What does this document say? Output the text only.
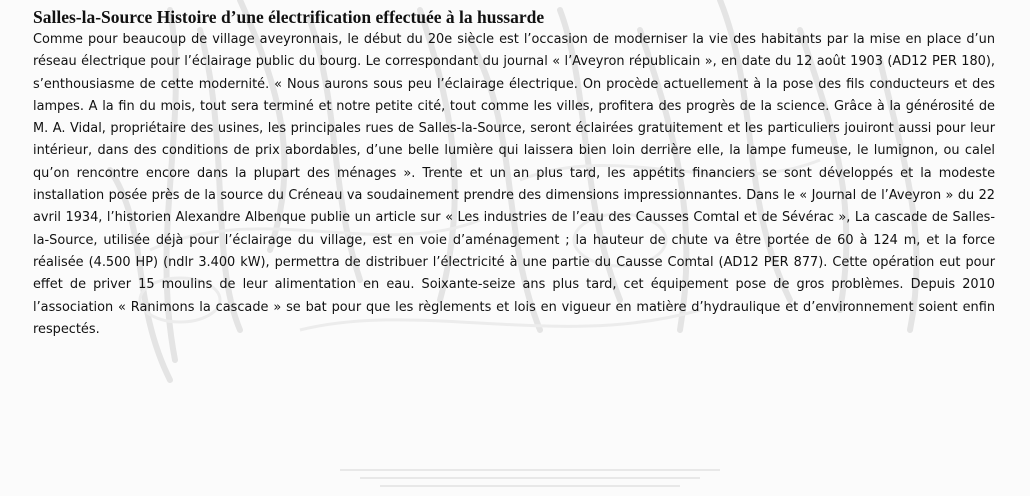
Salles-la-Source Histoire d’une électrification effectuée à la hussarde

Comme pour beaucoup de village aveyronnais, le début du 20e siècle est l’occasion de moderniser la vie des habitants par la mise en place d’un réseau électrique pour l’éclairage public du bourg. Le correspondant du journal « l’Aveyron républicain », en date du 12 août 1903 (AD12 PER 180), s’enthousiasme de cette modernité. « Nous aurons sous peu l’éclairage électrique. On procède actuellement à la pose des fils conducteurs et des lampes. A la fin du mois, tout sera terminé et notre petite cité, tout comme les villes, profitera des progrès de la science. Grâce à la générosité de M. A. Vidal, propriétaire des usines, les principales rues de Salles-la-Source, seront éclairées gratuitement et les particuliers jouiront aussi pour leur intérieur, dans des conditions de prix abordables, d’une belle lumière qui laissera bien loin derrière elle, la lampe fumeuse, le lumignon, ou calel qu’on rencontre encore dans la plupart des ménages ». Trente et un an plus tard, les appétits financiers se sont développés et la modeste installation posée près de la source du Créneau va soudainement prendre des dimensions impressionnantes. Dans le « Journal de l’Aveyron » du 22 avril 1934, l’historien Alexandre Albenque publie un article sur « Les industries de l’eau des Causses Comtal et de Sévérac », La cascade de Salles-la-Source, utilisée déjà pour l’éclairage du village, est en voie d’aménagement ; la hauteur de chute va être portée de 60 à 124 m, et la force réalisée (4.500 HP) (ndlr 3.400 kW), permettra de distribuer l’électricité à une partie du Causse Comtal (AD12 PER 877). Cette opération eut pour effet de priver 15 moulins de leur alimentation en eau. Soixante-seize ans plus tard, cet équipement pose de gros problèmes. Depuis 2010 l’association « Ranimons la cascade » se bat pour que les règlements et lois en vigueur en matière d’hydraulique et d’environnement soient enfin respectés.
